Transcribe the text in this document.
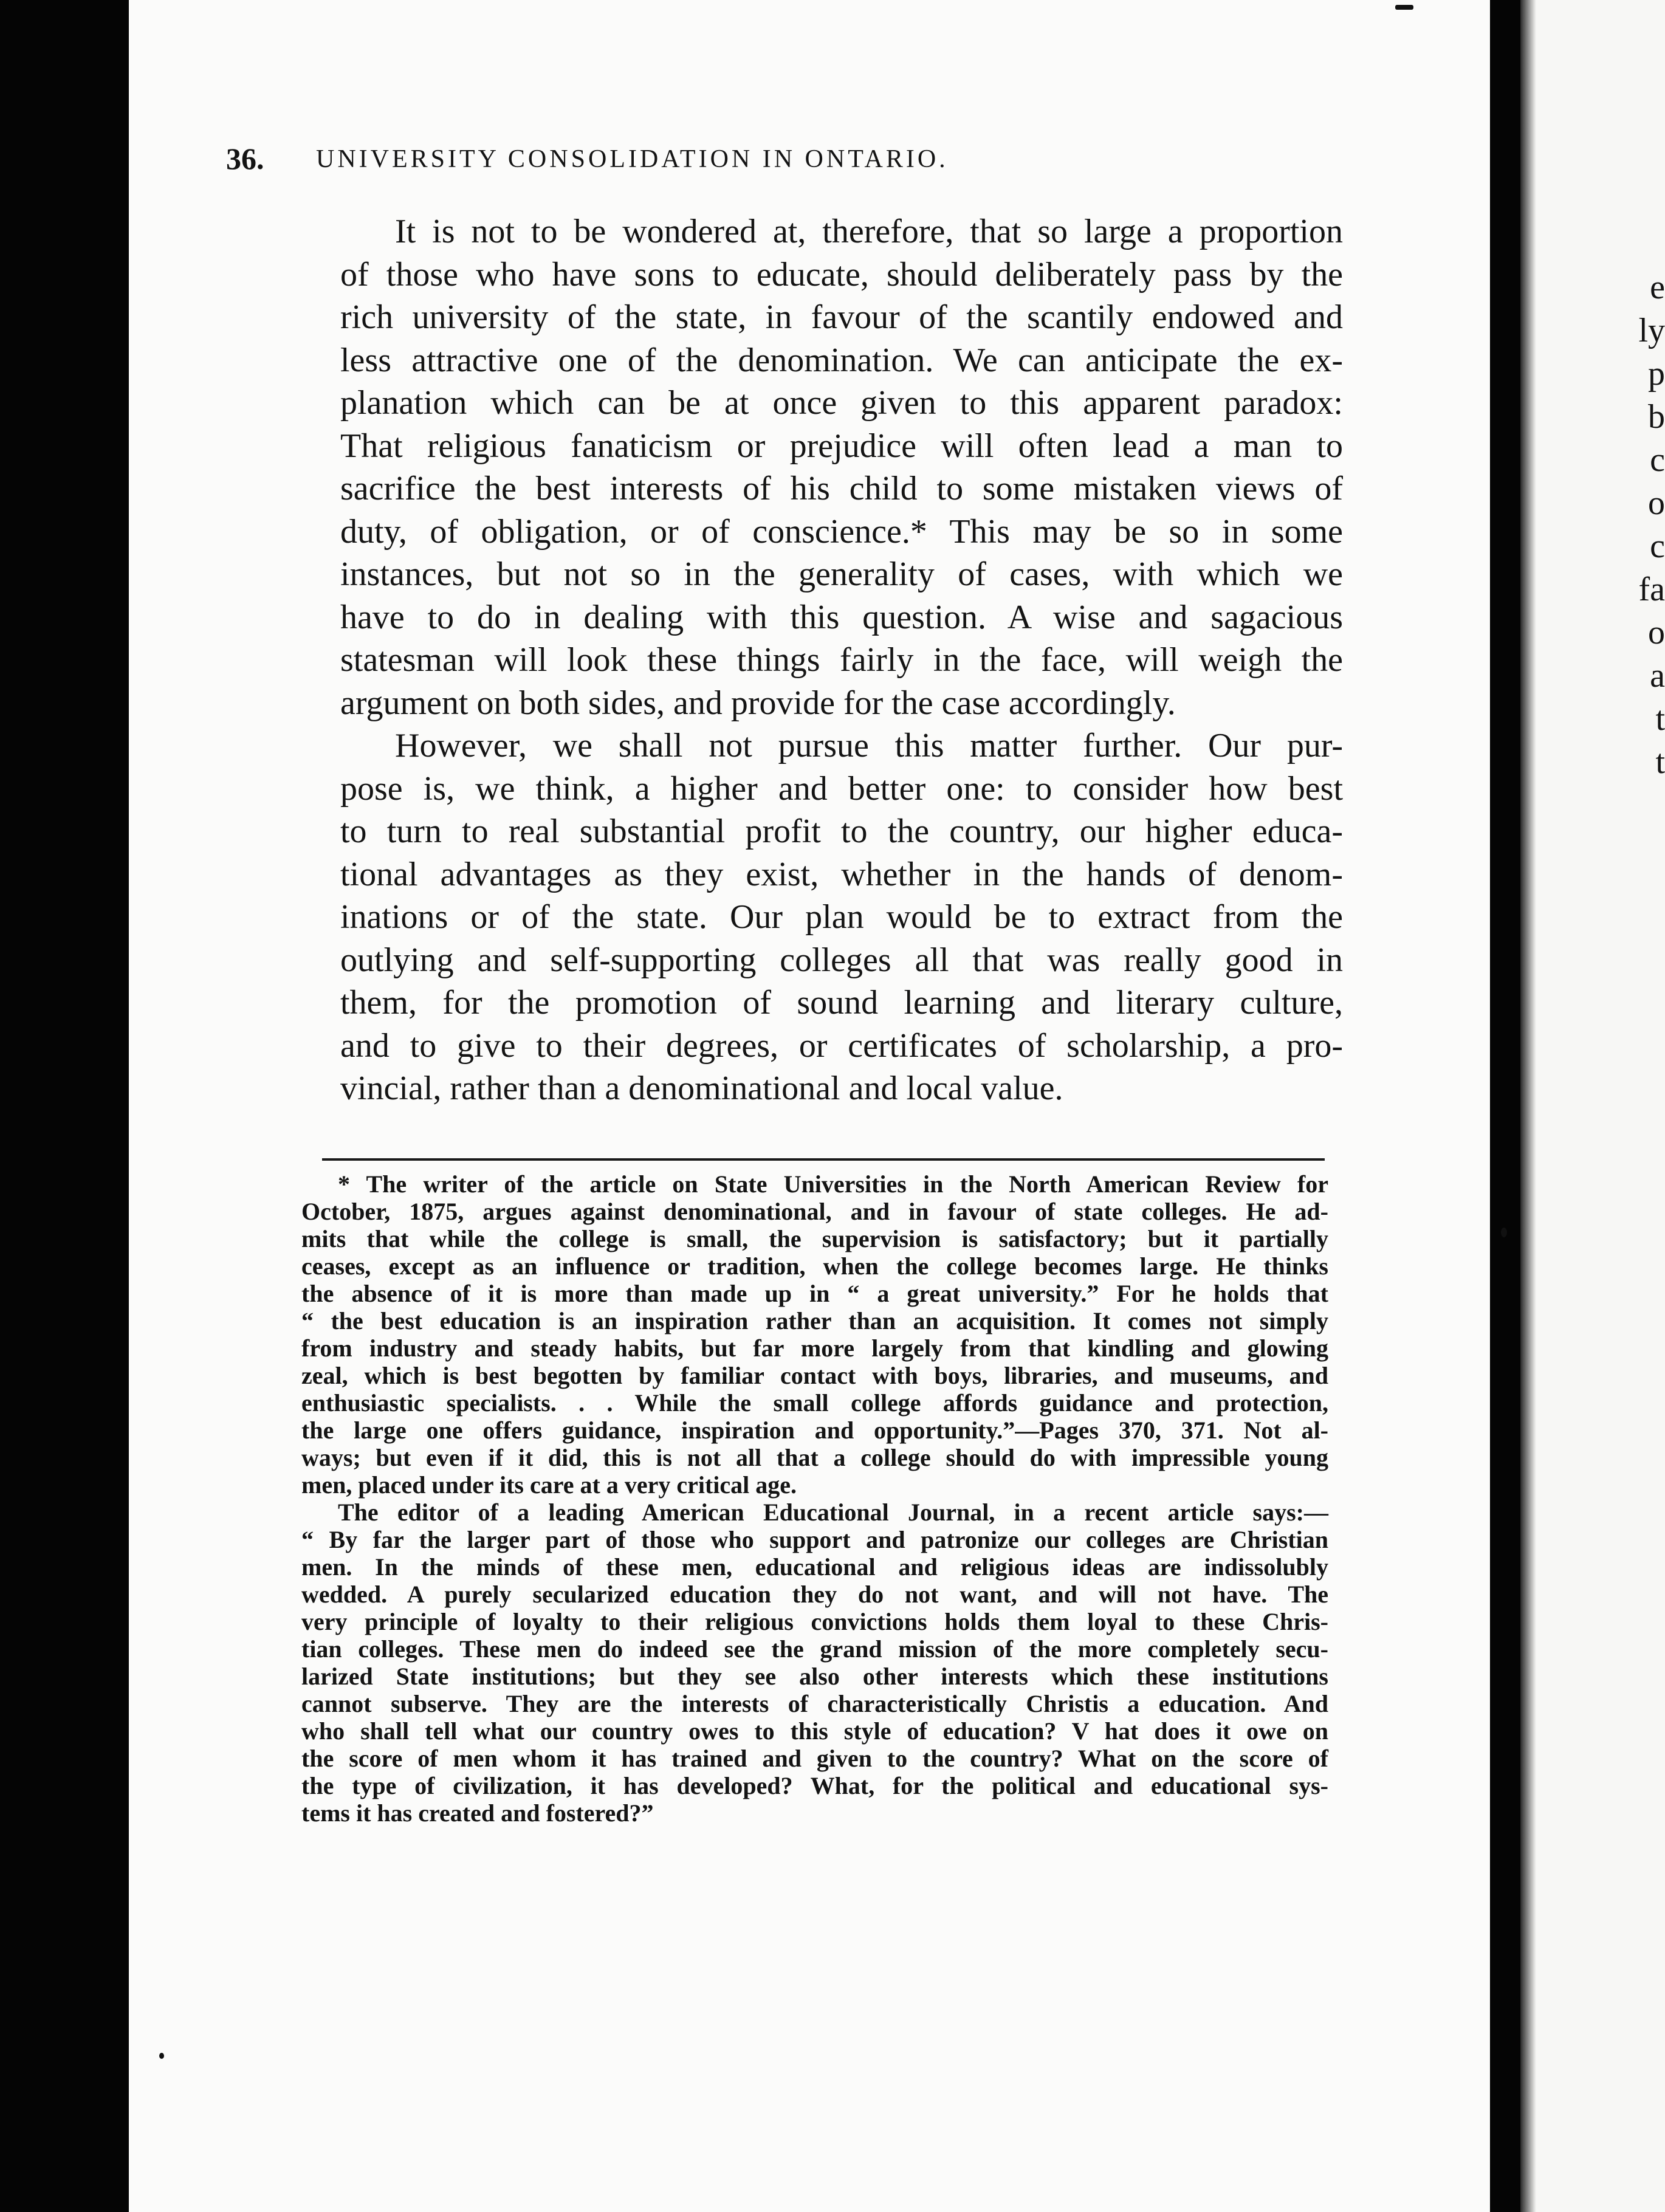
e
ly
p
b
c
o
c
fa
o
a
t
t
36. UNIVERSITY CONSOLIDATION IN ONTARIO.
It is not to be wondered at, therefore, that so large a proportion
of those who have sons to educate, should deliberately pass by the
rich university of the state, in favour of the scantily endowed and
less attractive one of the denomination. We can anticipate the ex-
planation which can be at once given to this apparent paradox:
That religious fanaticism or prejudice will often lead a man to
sacrifice the best interests of his child to some mistaken views of
duty, of obligation, or of conscience.* This may be so in some
instances, but not so in the generality of cases, with which we
have to do in dealing with this question. A wise and sagacious
statesman will look these things fairly in the face, will weigh the
argument on both sides, and provide for the case accordingly.
However, we shall not pursue this matter further. Our pur-
pose is, we think, a higher and better one: to consider how best
to turn to real substantial profit to the country, our higher educa-
tional advantages as they exist, whether in the hands of denom-
inations or of the state. Our plan would be to extract from the
outlying and self-supporting colleges all that was really good in
them, for the promotion of sound learning and literary culture,
and to give to their degrees, or certificates of scholarship, a pro-
vincial, rather than a denominational and local value.
* The writer of the article on State Universities in the North American Review for
October, 1875, argues against denominational, and in favour of state colleges. He ad-
mits that while the college is small, the supervision is satisfactory; but it partially
ceases, except as an influence or tradition, when the college becomes large. He thinks
the absence of it is more than made up in “ a great university.” For he holds that
“ the best education is an inspiration rather than an acquisition. It comes not simply
from industry and steady habits, but far more largely from that kindling and glowing
zeal, which is best begotten by familiar contact with boys, libraries, and museums, and
enthusiastic specialists. . . While the small college affords guidance and protection,
the large one offers guidance, inspiration and opportunity.”—Pages 370, 371. Not al-
ways; but even if it did, this is not all that a college should do with impressible young
men, placed under its care at a very critical age.
The editor of a leading American Educational Journal, in a recent article says:—
“ By far the larger part of those who support and patronize our colleges are Christian
men. In the minds of these men, educational and religious ideas are indissolubly
wedded. A purely secularized education they do not want, and will not have. The
very principle of loyalty to their religious convictions holds them loyal to these Chris-
tian colleges. These men do indeed see the grand mission of the more completely secu-
larized State institutions; but they see also other interests which these institutions
cannot subserve. They are the interests of characteristically Christiѕ a education. And
who shall tell what our country owes to this style of education? V hat does it owe on
the score of men whom it has trained and given to the country? What on the score of
the type of civilization, it has developed? What, for the political and educational sys-
tems it has created and fostered?”
